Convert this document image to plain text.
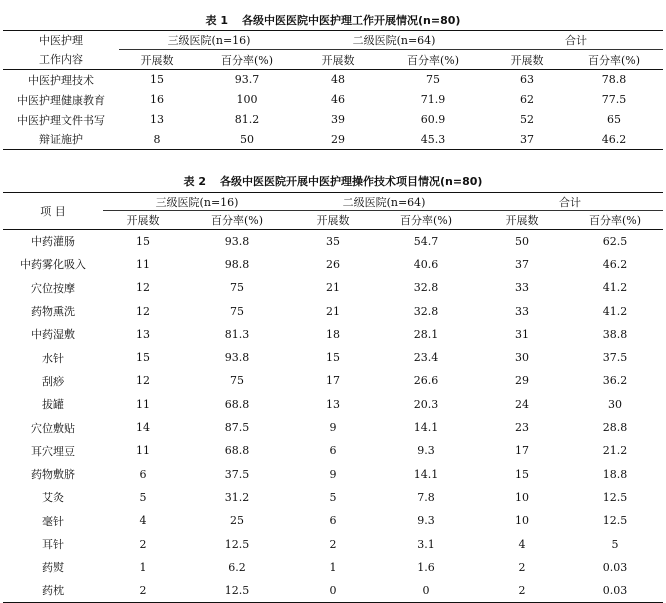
表 1 各级中医医院中医护理工作开展情况(n=80)
中医护理	三级医院(n=16)		二级医院(n=64)		合计	
工作内容	开展数	百分率(%)	开展数	百分率(%)	开展数	百分率(%)
中医护理技术	15	93.7	48	75	63	78.8
中医护理健康教育	16	100	46	71.9	62	77.5
中医护理文件书写	13	81.2	39	60.9	52	65
辩证施护	8	50	29	45.3	37	46.2
表 2 各级中医医院开展中医护理操作技术项目情况(n=80)
项 目	三级医院(n=16)		二级医院(n=64)		合计	
	开展数	百分率(%)	开展数	百分率(%)	开展数	百分率(%)
中药灌肠	15	93.8	35	54.7	50	62.5
中药雾化吸入	11	98.8	26	40.6	37	46.2
穴位按摩	12	75	21	32.8	33	41.2
药物熏洗	12	75	21	32.8	33	41.2
中药湿敷	13	81.3	18	28.1	31	38.8
水针	15	93.8	15	23.4	30	37.5
刮痧	12	75	17	26.6	29	36.2
拔罐	11	68.8	13	20.3	24	30
穴位敷贴	14	87.5	9	14.1	23	28.8
耳穴埋豆	11	68.8	6	9.3	17	21.2
药物敷脐	6	37.5	9	14.1	15	18.8
艾灸	5	31.2	5	7.8	10	12.5
毫针	4	25	6	9.3	10	12.5
耳针	2	12.5	2	3.1	4	5
药熨	1	6.2	1	1.6	2	0.03
药枕	2	12.5	0	0	2	0.03
